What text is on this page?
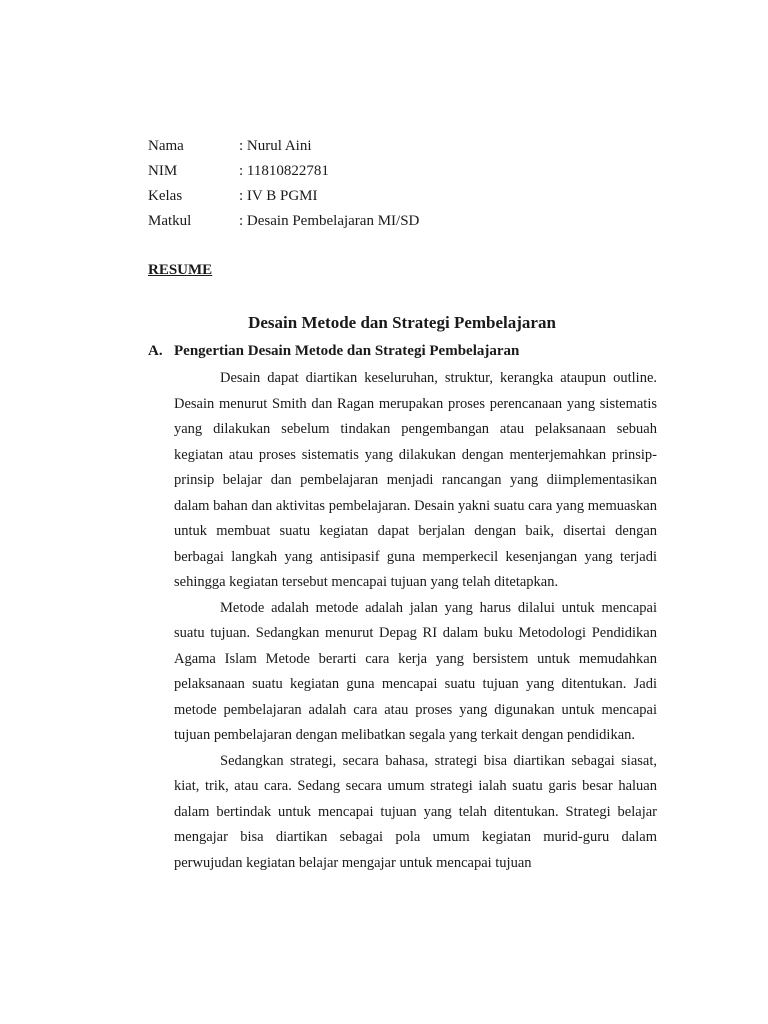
Nama	: Nurul Aini
NIM	: 11810822781
Kelas	: IV B PGMI
Matkul	: Desain Pembelajaran MI/SD
RESUME
Desain Metode dan Strategi Pembelajaran
A. Pengertian Desain Metode dan Strategi Pembelajaran

Desain dapat diartikan keseluruhan, struktur, kerangka ataupun outline. Desain menurut Smith dan Ragan merupakan proses perencanaan yang sistematis yang dilakukan sebelum tindakan pengembangan atau pelaksanaan sebuah kegiatan atau proses sistematis yang dilakukan dengan menterjemahkan prinsip-prinsip belajar dan pembelajaran menjadi rancangan yang diimplementasikan dalam bahan dan aktivitas pembelajaran. Desain yakni suatu cara yang memuaskan untuk membuat suatu kegiatan dapat berjalan dengan baik, disertai dengan berbagai langkah yang antisipasif guna memperkecil kesenjangan yang terjadi sehingga kegiatan tersebut mencapai tujuan yang telah ditetapkan.

Metode adalah metode adalah jalan yang harus dilalui untuk mencapai suatu tujuan. Sedangkan menurut Depag RI dalam buku Metodologi Pendidikan Agama Islam Metode berarti cara kerja yang bersistem untuk memudahkan pelaksanaan suatu kegiatan guna mencapai suatu tujuan yang ditentukan. Jadi metode pembelajaran adalah cara atau proses yang digunakan untuk mencapai tujuan pembelajaran dengan melibatkan segala yang terkait dengan pendidikan.

Sedangkan strategi, secara bahasa, strategi bisa diartikan sebagai siasat, kiat, trik, atau cara. Sedang secara umum strategi ialah suatu garis besar haluan dalam bertindak untuk mencapai tujuan yang telah ditentukan. Strategi belajar mengajar bisa diartikan sebagai pola umum kegiatan murid-guru dalam perwujudan kegiatan belajar mengajar untuk mencapai tujuan
